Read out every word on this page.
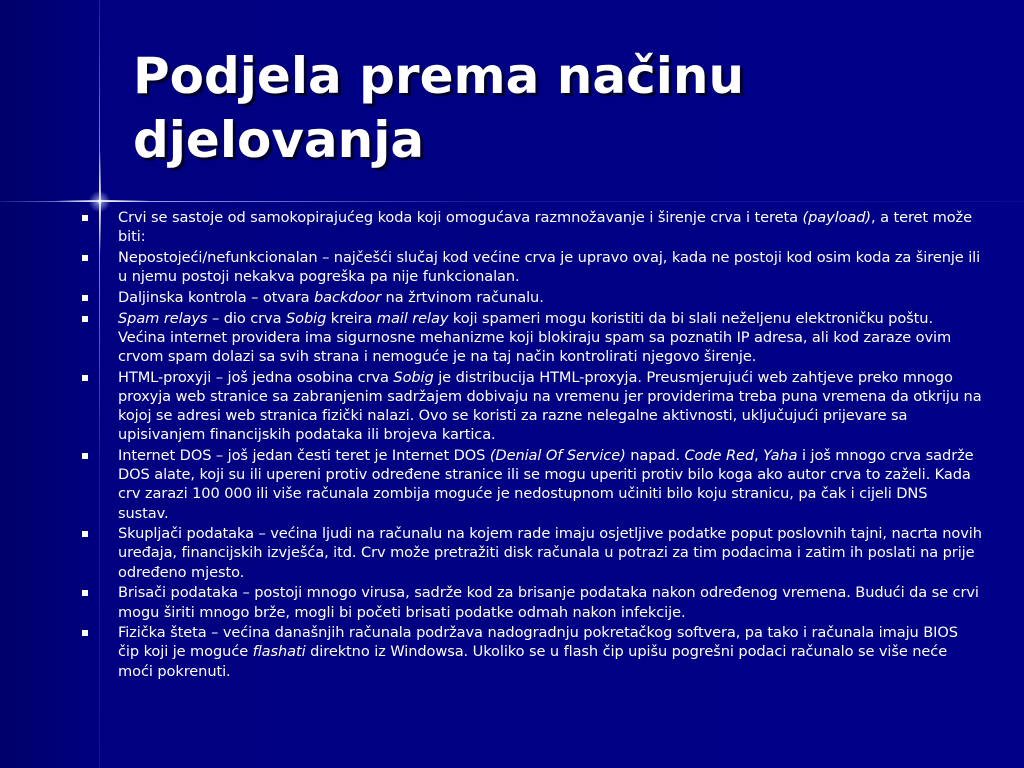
Podjela prema načinu djelovanja
Crvi se sastoje od samokopirajućeg koda koji omogućava razmnožavanje i širenje crva i tereta (payload), a teret može biti:
Nepostojeći/nefunkcionalan – najčešći slučaj kod većine crva je upravo ovaj, kada ne postoji kod osim koda za širenje ili u njemu postoji nekakva pogreška pa nije funkcionalan.
Daljinska kontrola – otvara backdoor na žrtvinom računalu.
Spam relays – dio crva Sobig kreira mail relay koji spameri mogu koristiti da bi slali neželjenu elektroničku poštu. Većina internet providera ima sigurnosne mehanizme koji blokiraju spam sa poznatih IP adresa, ali kod zaraze ovim crvom spam dolazi sa svih strana i nemoguće je na taj način kontrolirati njegovo širenje.
HTML-proxyji – još jedna osobina crva Sobig je distribucija HTML-proxyja. Preusmjerujući web zahtjeve preko mnogo proxyja web stranice sa zabranjenim sadržajem dobivaju na vremenu jer providerima treba puna vremena da otkriju na kojoj se adresi web stranica fizički nalazi. Ovo se koristi za razne nelegalne aktivnosti, uključujući prijevare sa upisivanjem financijskih podataka ili brojeva kartica.
Internet DOS – još jedan česti teret je Internet DOS (Denial Of Service) napad. Code Red, Yaha i još mnogo crva sadrže DOS alate, koji su ili upereni protiv određene stranice ili se mogu uperiti protiv bilo koga ako autor crva to zaželi. Kada crv zarazi 100 000 ili više računala zombija moguće je nedostupnom učiniti bilo koju stranicu, pa čak i cijeli DNS sustav.
Skupljači podataka – većina ljudi na računalu na kojem rade imaju osjetljive podatke poput poslovnih tajni, nacrta novih uređaja, financijskih izvješća, itd. Crv može pretražiti disk računala u potrazi za tim podacima i zatim ih poslati na prije određeno mjesto.
Brisači podataka – postoji mnogo virusa, sadrže kod za brisanje podataka nakon određenog vremena. Budući da se crvi mogu širiti mnogo brže, mogli bi početi brisati podatke odmah nakon infekcije.
Fizička šteta – većina današnjih računala podržava nadogradnju pokretačkog softvera, pa tako i računala imaju BIOS čip koji je moguće flashati direktno iz Windowsa. Ukoliko se u flash čip upišu pogrešni podaci računalo se više neće moći pokrenuti.
